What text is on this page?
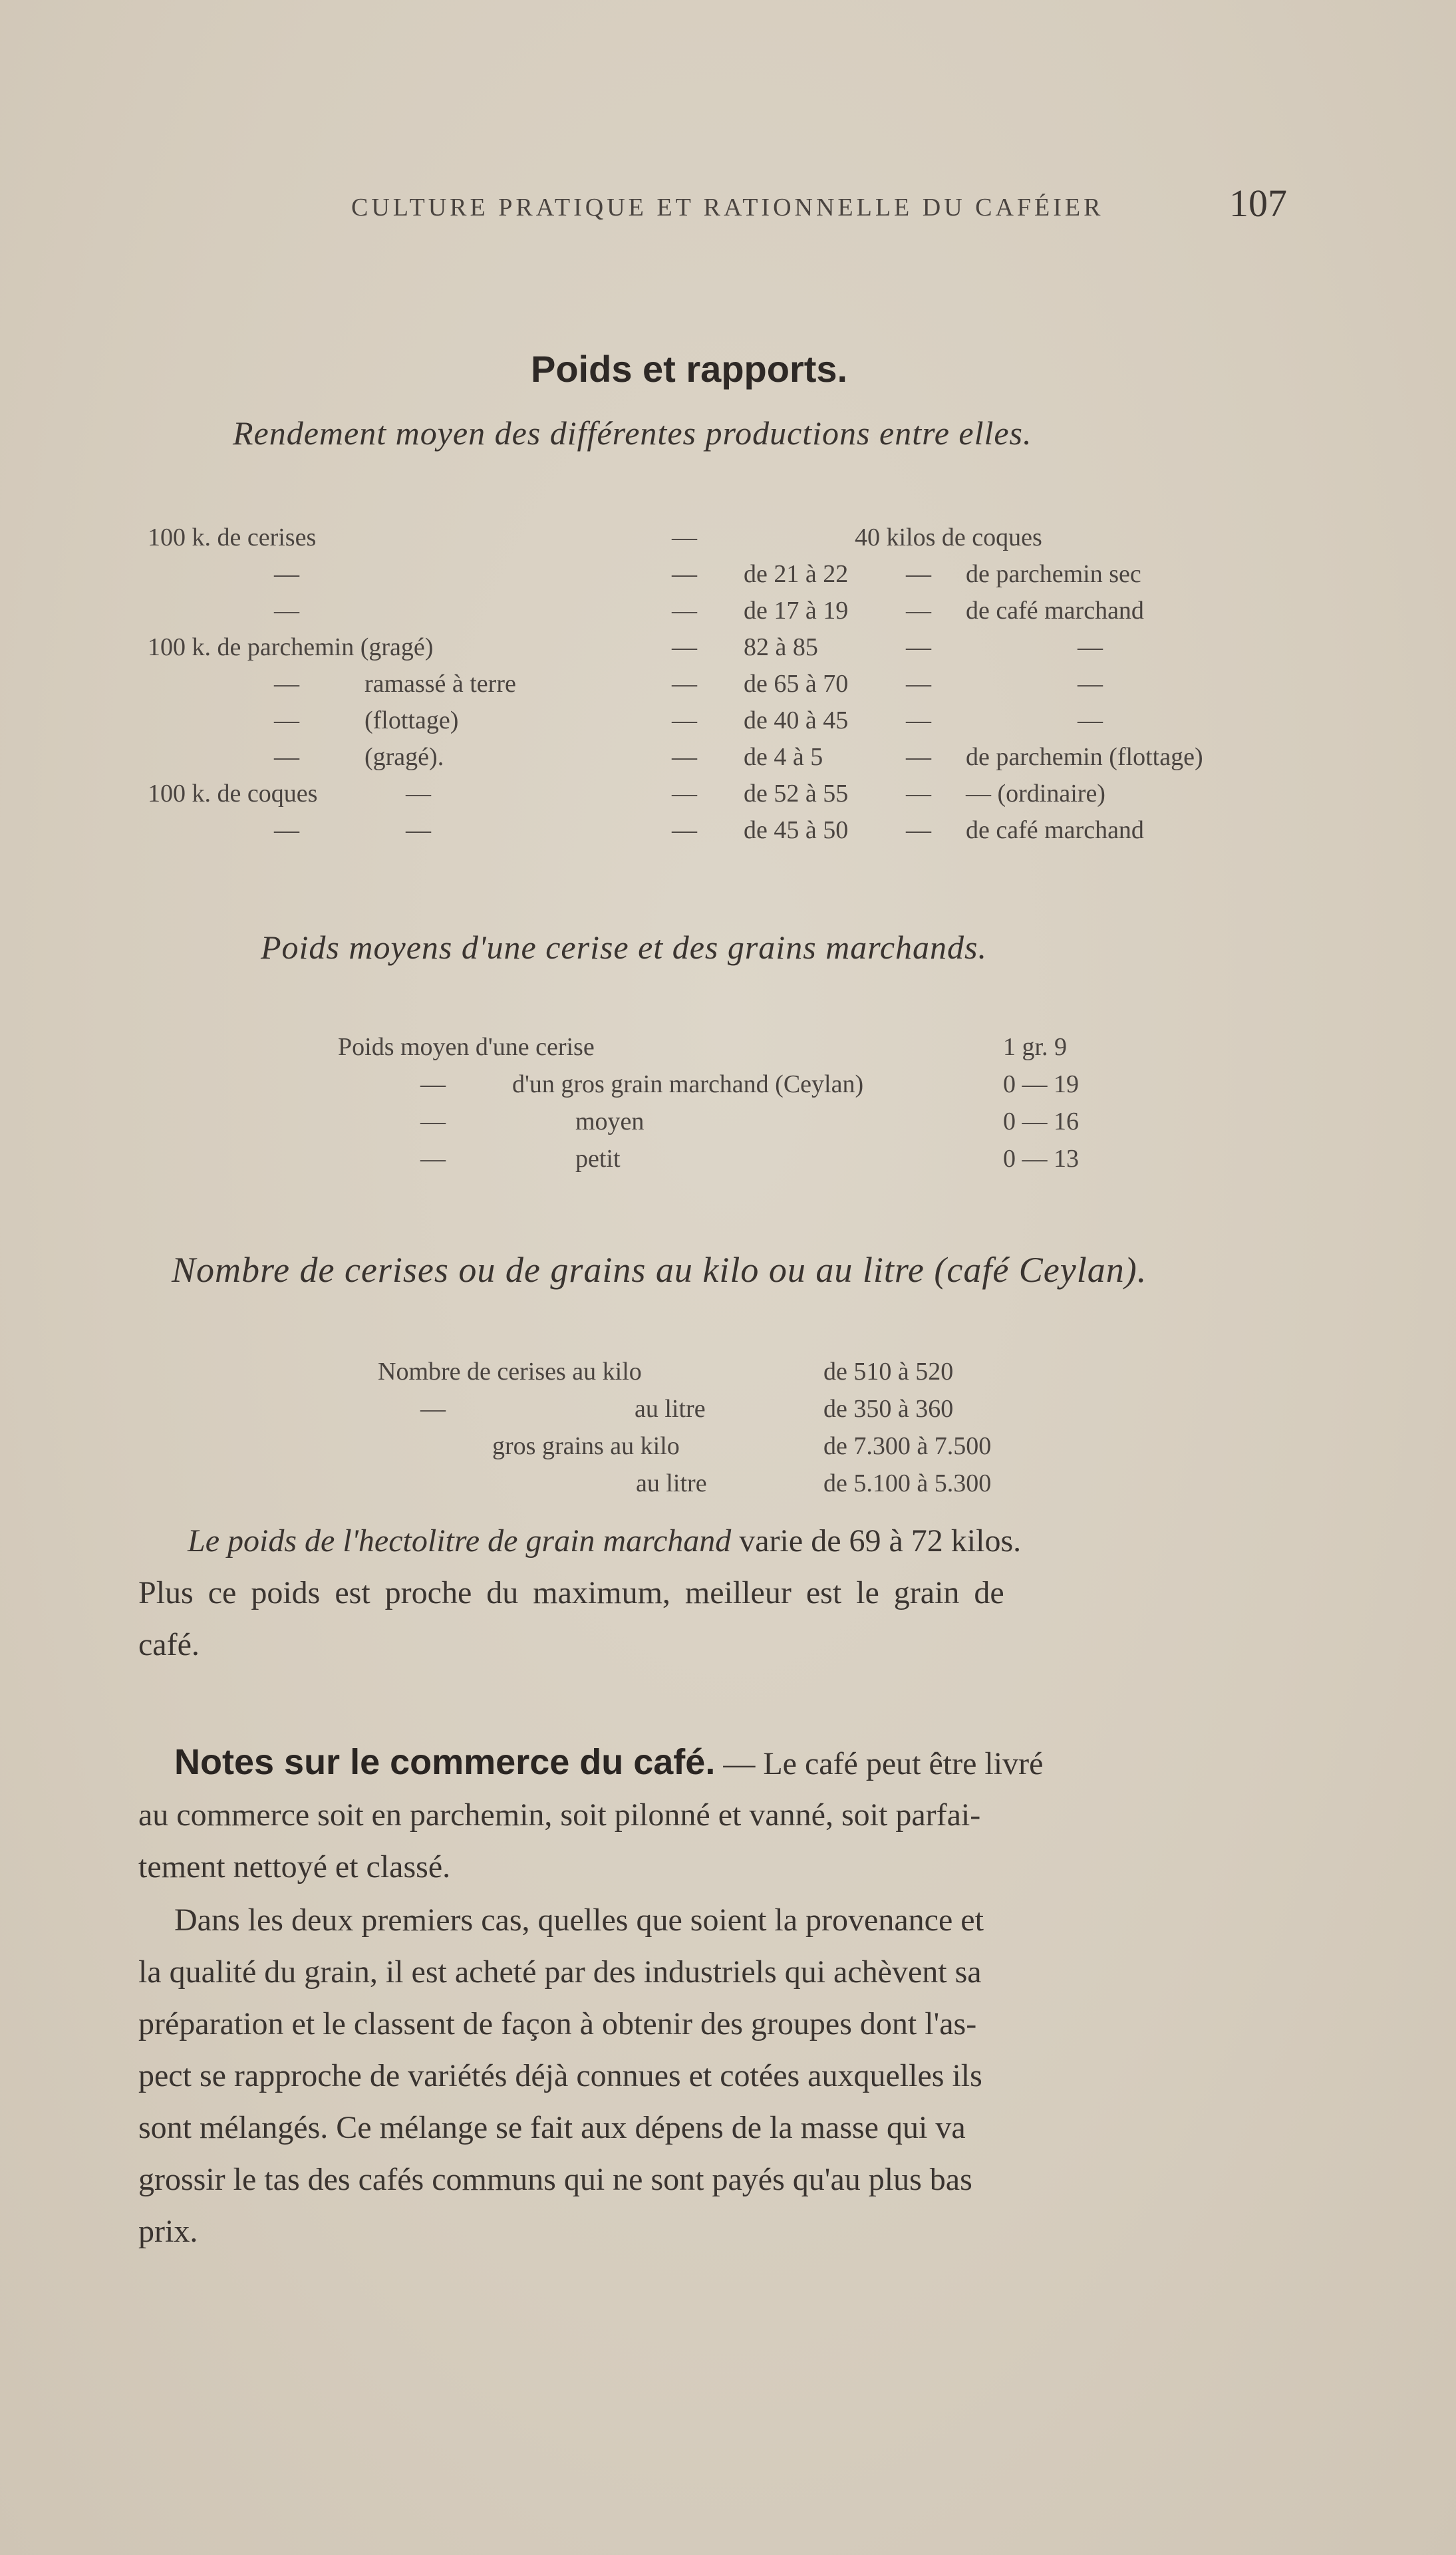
CULTURE PRATIQUE ET RATIONNELLE DU CAFÉIER	107
Poids et rapports.
Rendement moyen des différentes productions entre elles.
100 k. de cerises	—	40 kilos de coques
—	— de 21 à 22 — de parchemin sec
—	— de 17 à 19 — de café marchand
100 k. de parchemin (gragé)	— 82 à 85	—	—
—	ramassé à terre	— de 65 à 70 —	—
—	(flottage)	— de 40 à 45 —	—
—	(gragé).	— de 4 à 5	— de parchemin (flottage)
100 k. de coques	—	— de 52 à 55 — — (ordinaire)
—	—	— de 45 à 50 — de café marchand
Poids moyens d'une cerise et des grains marchands.
Poids moyen d'une cerise	1 gr. 9
—	d'un gros grain marchand (Ceylan)	0 — 19
—	moyen	0 — 16
—	petit	0 — 13
Nombre de cerises ou de grains au kilo ou au litre (café Ceylan).
Nombre de cerises au kilo	de 510 à 520
—	au litre	de 350 à 360
gros grains au kilo	de 7.300 à 7.500
au litre	de 5.100 à 5.300
Le poids de l'hectolitre de grain marchand varie de 69 à 72 kilos.
Plus ce poids est proche du maximum, meilleur est le grain de
café.
Notes sur le commerce du café. — Le café peut être livré
au commerce soit en parchemin, soit pilonné et vanné, soit parfai-
tement nettoyé et classé.
Dans les deux premiers cas, quelles que soient la provenance et
la qualité du grain, il est acheté par des industriels qui achèvent sa
préparation et le classent de façon à obtenir des groupes dont l'as-
pect se rapproche de variétés déjà connues et cotées auxquelles ils
sont mélangés. Ce mélange se fait aux dépens de la masse qui va
grossir le tas des cafés communs qui ne sont payés qu'au plus bas
prix.
